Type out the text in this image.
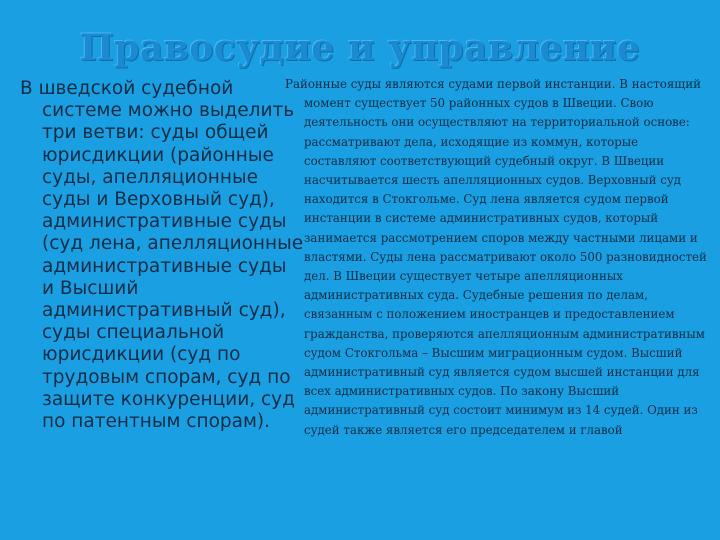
Правосудие и управление
В шведской судебной системе можно выделить три ветви: суды общей юрисдикции (районные суды, апелляционные суды и Верховный суд), административные суды (суд лена, апелляционные административные суды и Высший административный суд), суды специальной юрисдикции (суд по трудовым спорам, суд по защите конкуренции, суд по патентным спорам).
Районные суды являются судами первой инстанции. В настоящий момент существует 50 районных судов в Швеции. Свою деятельность они осуществляют на территориальной основе: рассматривают дела, исходящие из коммун, которые составляют соответствующий судебный округ. В Швеции насчитывается шесть апелляционных судов. Верховный суд находится в Стокгольме. Суд лена является судом первой инстанции в системе административных судов, который занимается рассмотрением споров между частными лицами и властями. Суды лена рассматривают около 500 разновидностей дел. В Швеции существует четыре апелляционных административных суда. Судебные решения по делам, связанным с положением иностранцев и предоставлением гражданства, проверяются апелляционным административным судом Стокгольма – Высшим миграционным судом. Высший административный суд является судом высшей инстанции для всех административных судов. По закону Высший административный суд состоит минимум из 14 судей. Один из судей также является его председателем и главой
